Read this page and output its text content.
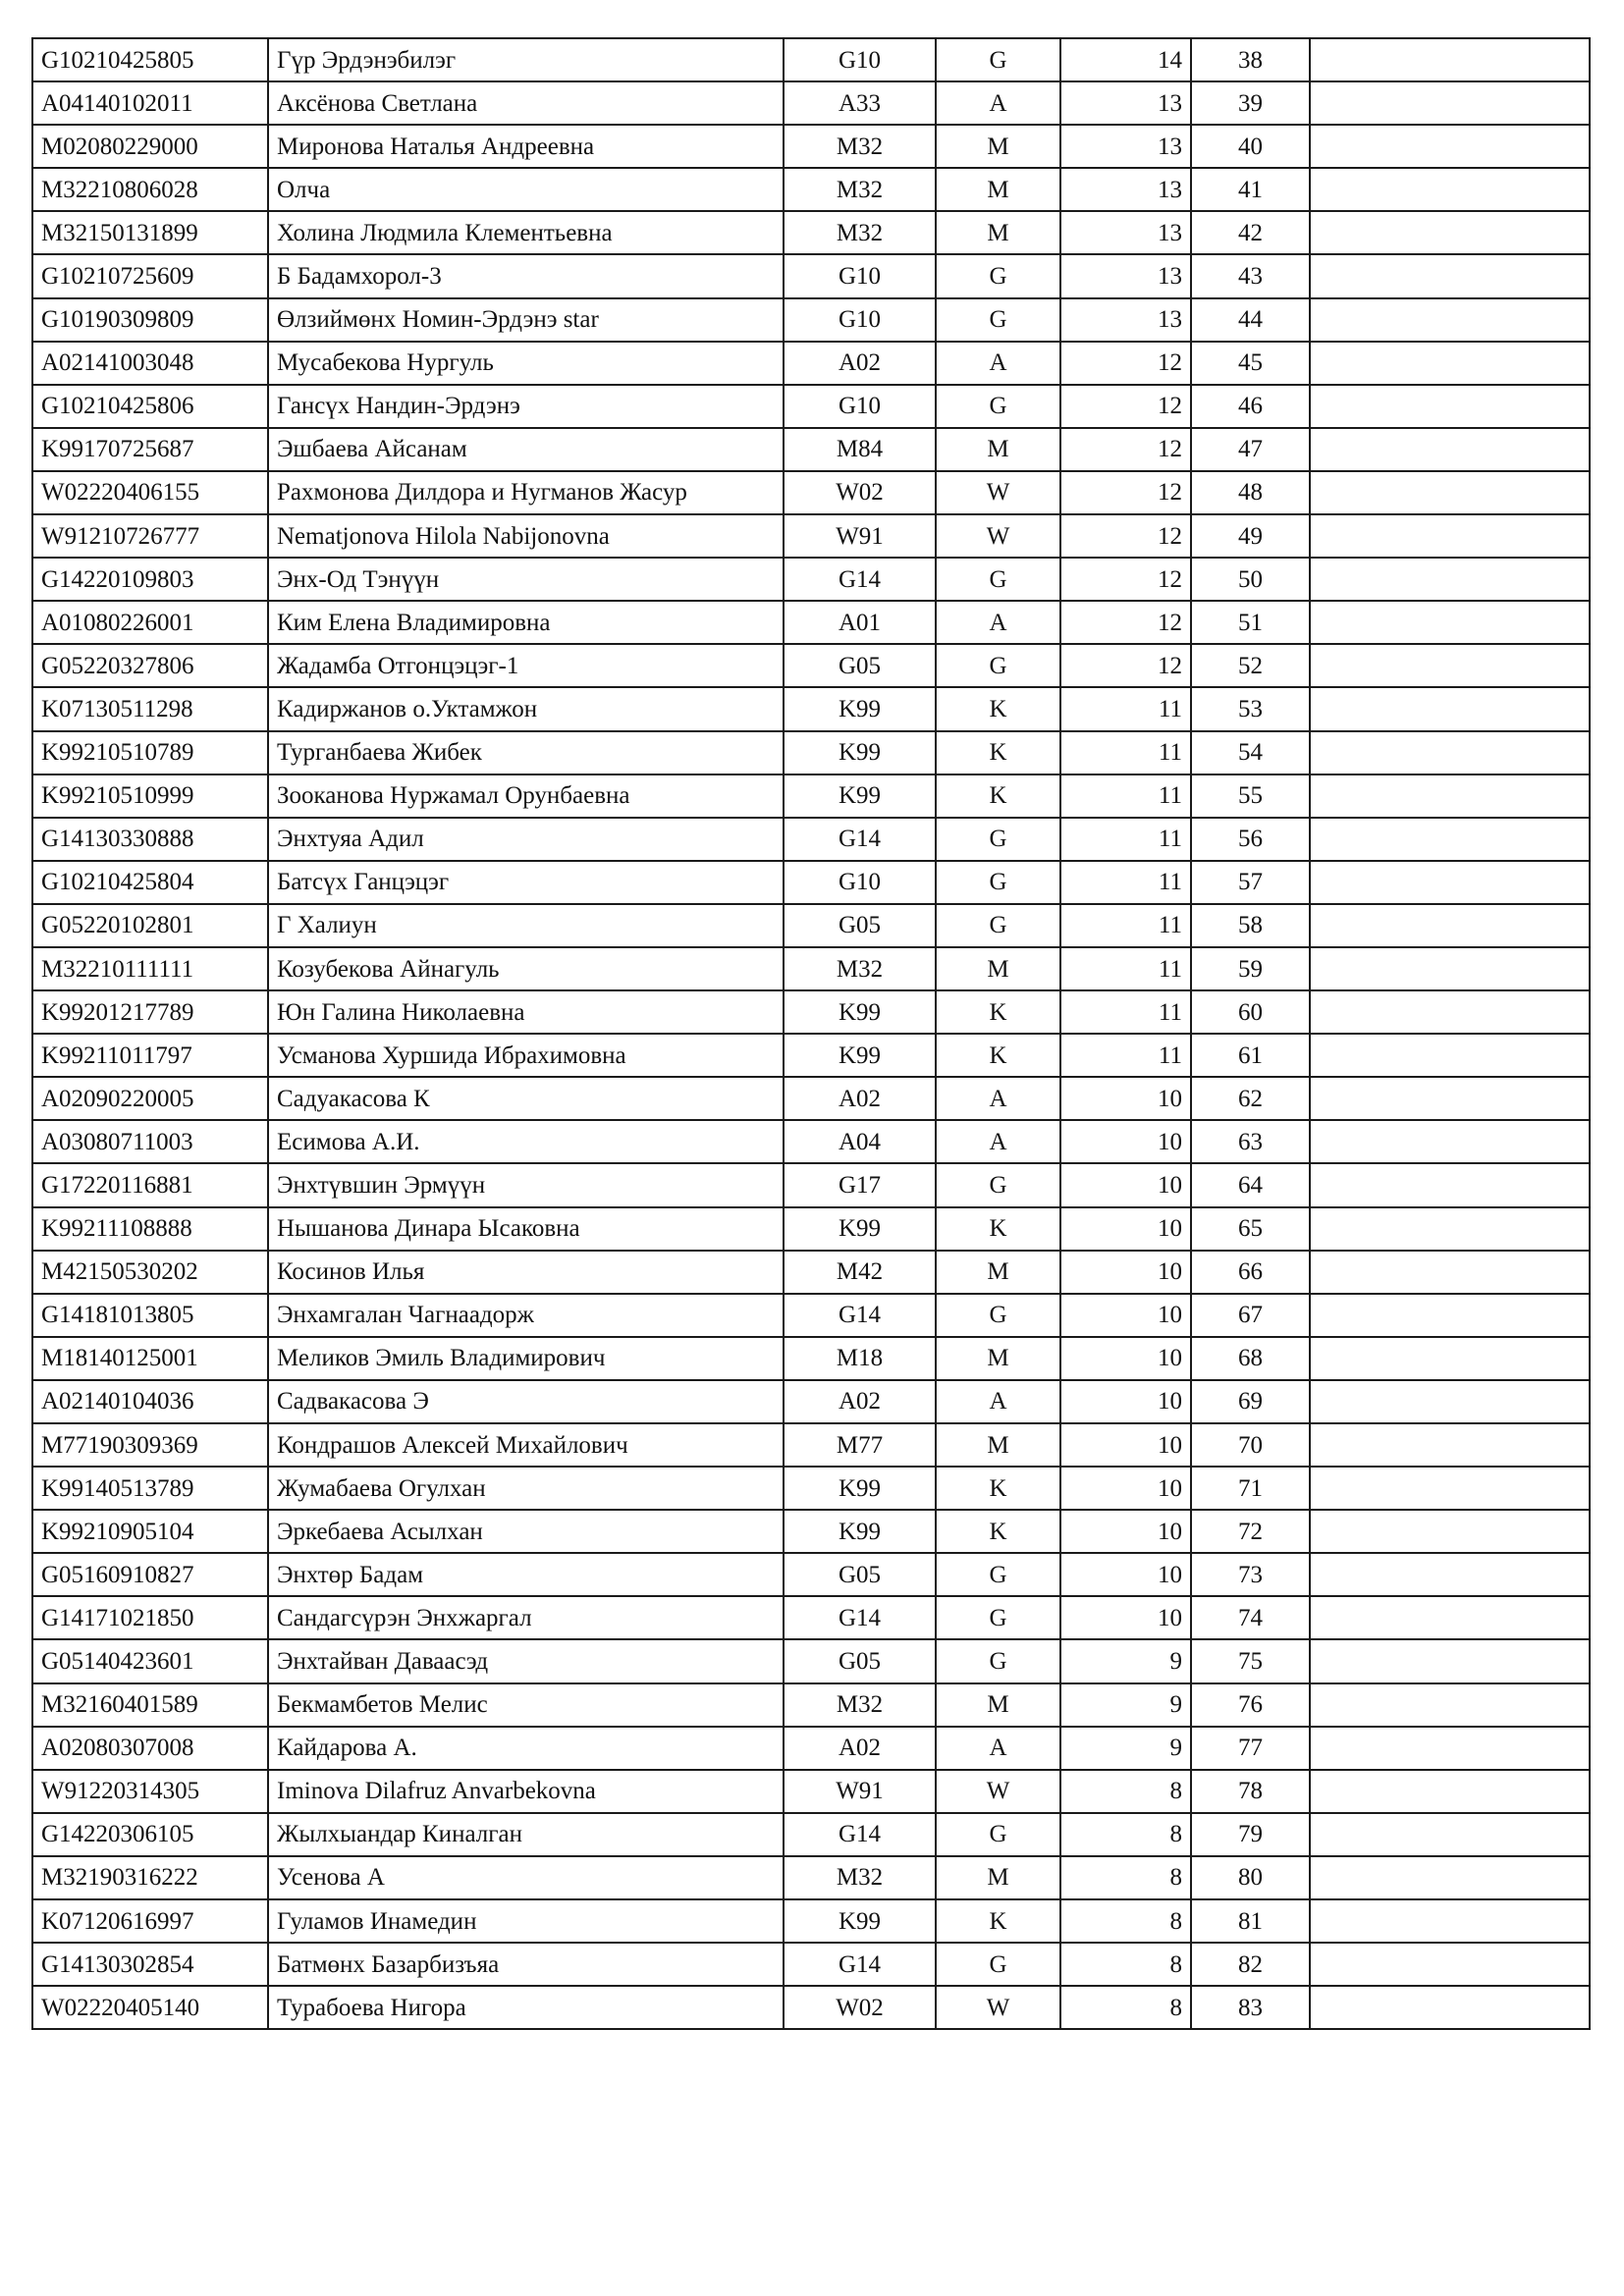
G10210425805	Гүр Эрдэнэбилэг	G10	G	14	38	
A04140102011	Аксёнова Светлана	A33	A	13	39	
M02080229000	Миронова Наталья Андреевна	M32	M	13	40	
M32210806028	Олча	M32	M	13	41	
M32150131899	Холина Людмила Клементьевна	M32	M	13	42	
G10210725609	Б Бадамхорол-3	G10	G	13	43	
G10190309809	Өлзиймөнх Номин-Эрдэнэ star	G10	G	13	44	
A02141003048	Мусабекова Нургуль	A02	A	12	45	
G10210425806	Гансүх Нандин-Эрдэнэ	G10	G	12	46	
K99170725687	Эшбаева Айсанам	M84	M	12	47	
W02220406155	Рахмонова Дилдора и Нугманов Жасур	W02	W	12	48	
W91210726777	Nematjonova Hilola Nabijonovna	W91	W	12	49	
G14220109803	Энх-Од Тэнүүн	G14	G	12	50	
A01080226001	Ким Елена Владимировна	A01	A	12	51	
G05220327806	Жадамба Отгонцэцэг-1	G05	G	12	52	
K07130511298	Кадиржанов о.Уктамжон	K99	K	11	53	
K99210510789	Турганбаева Жибек	K99	K	11	54	
K99210510999	Зооканова Нуржамал Орунбаевна	K99	K	11	55	
G14130330888	Энхтуяа Адил	G14	G	11	56	
G10210425804	Батсүх Ганцэцэг	G10	G	11	57	
G05220102801	Г Халиун	G05	G	11	58	
M32210111111	Козубекова Айнагуль	M32	M	11	59	
K99201217789	Юн Галина Николаевна	K99	K	11	60	
K99211011797	Усманова Хуршида Ибрахимовна	K99	K	11	61	
A02090220005	Садуакасова К	A02	A	10	62	
A03080711003	Есимова А.И.	A04	A	10	63	
G17220116881	Энхтүвшин Эрмүүн	G17	G	10	64	
K99211108888	Нышанова Динара Ысаковна	K99	K	10	65	
M42150530202	Косинов Илья	M42	M	10	66	
G14181013805	Энхамгалан Чагнаадорж	G14	G	10	67	
M18140125001	Меликов Эмиль Владимирович	M18	M	10	68	
A02140104036	Садвакасова Э	A02	A	10	69	
M77190309369	Кондрашов Алексей Михайлович	M77	M	10	70	
K99140513789	Жумабаева Огулхан	K99	K	10	71	
K99210905104	Эркебаева Асылхан	K99	K	10	72	
G05160910827	Энхтөр Бадам	G05	G	10	73	
G14171021850	Сандагсүрэн Энхжаргал	G14	G	10	74	
G05140423601	Энхтайван Даваасэд	G05	G	9	75	
M32160401589	Бекмамбетов Мелис	M32	M	9	76	
A02080307008	Кайдарова А.	A02	A	9	77	
W91220314305	Iminova Dilafruz Anvarbekovna	W91	W	8	78	
G14220306105	Жылхыандар Киналган	G14	G	8	79	
M32190316222	Усенова А	M32	M	8	80	
K07120616997	Гуламов Инамедин	K99	K	8	81	
G14130302854	Батмөнх Базарбизъяа	G14	G	8	82	
W02220405140	Турабоева Нигора	W02	W	8	83	
